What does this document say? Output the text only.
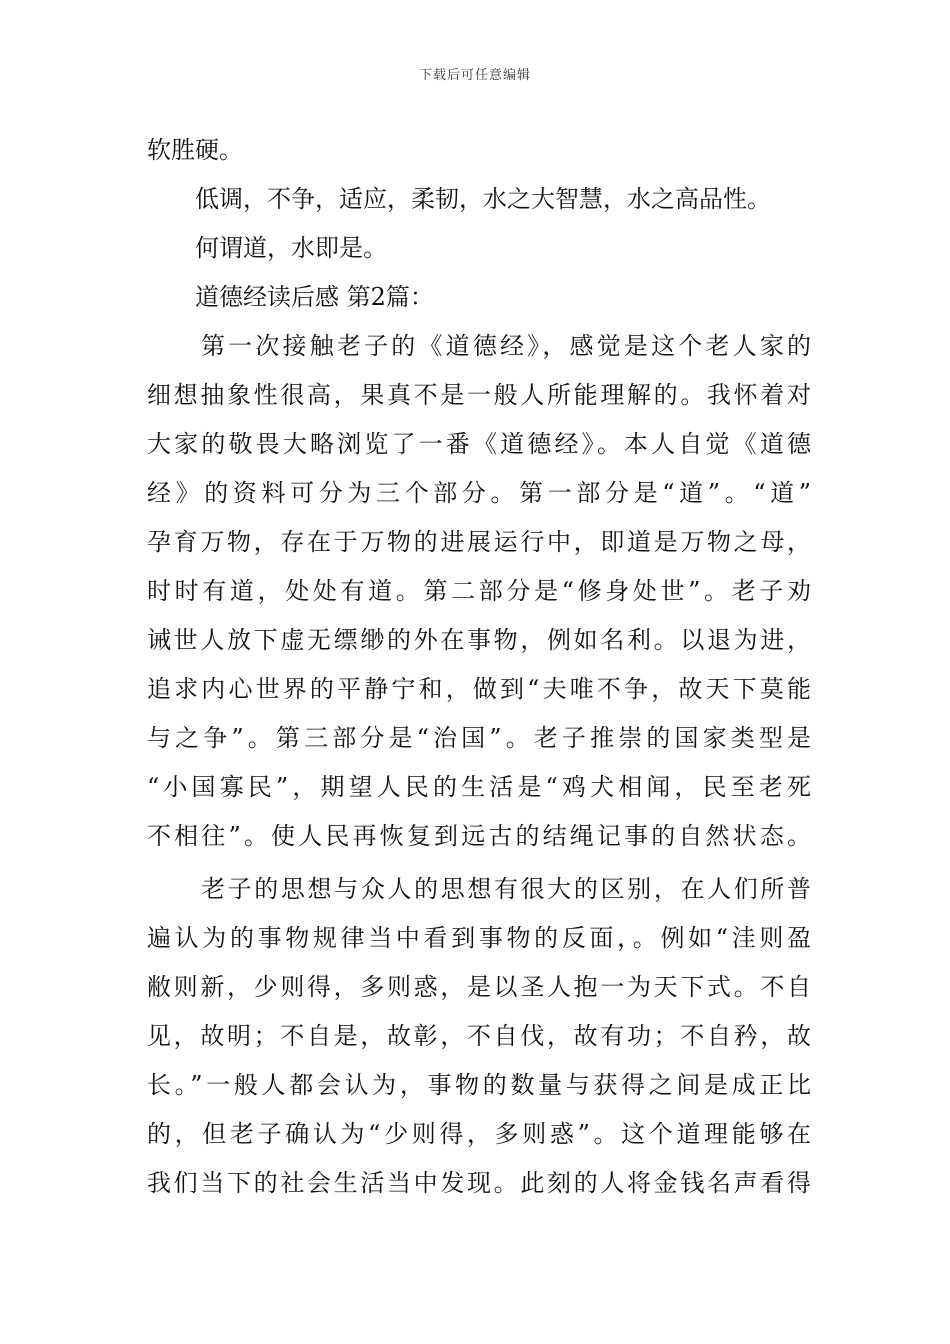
下载后可任意编辑
软胜硬。
低调，不争，适应，柔韧，水之大智慧，水之高品性。
何谓道，水即是。
道德经读后感 第2篇：
第一次接触老子的《道德经》，感觉是这个老人家的
细想抽象性很高，果真不是一般人所能理解的。我怀着对
大家的敬畏大略浏览了一番《道德经》。本人自觉《道德
经》的资料可分为三个部分。第一部分是“道”。“道”
孕育万物，存在于万物的进展运行中，即道是万物之母，
时时有道，处处有道。第二部分是“修身处世”。老子劝
诫世人放下虚无缥缈的外在事物，例如名利。以退为进，
追求内心世界的平静宁和，做到“夫唯不争，故天下莫能
与之争”。第三部分是“治国”。老子推崇的国家类型是
“小国寡民”，期望人民的生活是“鸡犬相闻，民至老死
不相往”。使人民再恢复到远古的结绳记事的自然状态。
老子的思想与众人的思想有很大的区别，在人们所普
遍认为的事物规律当中看到事物的反面，。例如“洼则盈
敝则新，少则得，多则惑，是以圣人抱一为天下式。不自
见，故明；不自是，故彰，不自伐，故有功；不自矜，故
长。”一般人都会认为，事物的数量与获得之间是成正比
的，但老子确认为“少则得，多则惑”。这个道理能够在
我们当下的社会生活当中发现。此刻的人将金钱名声看得
